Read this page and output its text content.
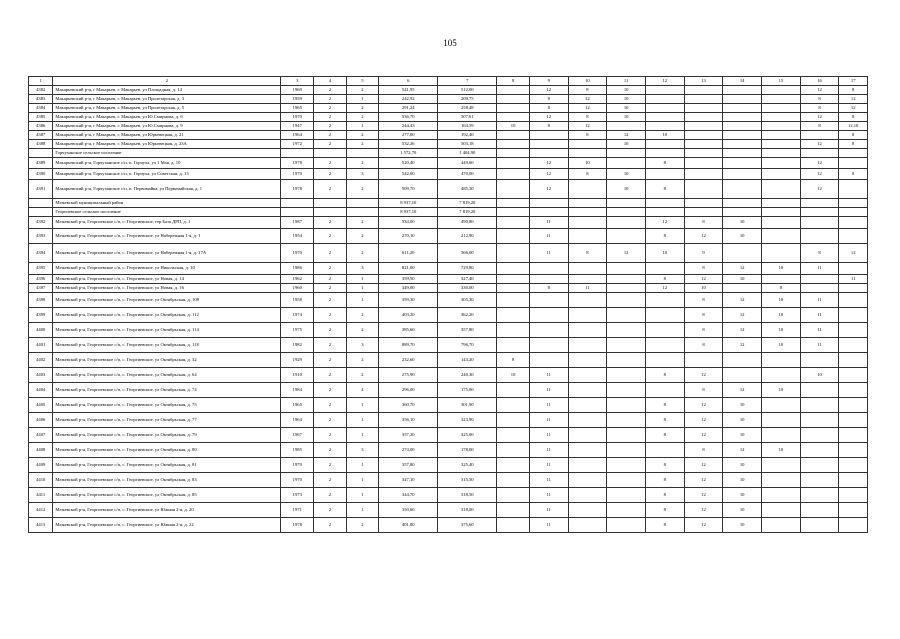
105
1	2	3	4	5	6	7	8	9	10	11	12	13	14	15	16	17
4382	Макарьевский р-н, г Макарьев, г. Макарьев, ул Площадная, д. 14	1969	2	2	541,95	512,00		12	8	10					12	8
4383	Макарьевский р-н, г Макарьев, г. Макарьев, ул Пролетарская, д. 3	1959	2	1	242,92	209,75		8	12	10					8	12
4384	Макарьевский р-н, г Макарьев, г. Макарьев, ул Пролетарская, д. 5	1965	2	2	291,24	258,48		8	12	10					8	12
4385	Макарьевский р-н, г Макарьев, г. Макарьев, ул Ю.Смирнова, д. 6	1970	2	2	536,70	507,61		12	8	10					12	8
4386	Макарьевский р-н, г Макарьев, г. Макарьев, ул Ю.Смирнова, д. 9	1947	2	1	244,43	164,59	10	8	12						8	12,10
4387	Макарьевский р-н, г Макарьев, г. Макарьев, ул Юрьевецкая, д. 21	1964	2	2	277,00	192,40			8	12	10					8
4388	Макарьевский р-н, г Макарьев, г. Макарьев, ул Юрьевецкая, д. 23А	1972	2	2	532,26	503,18				10					12	8
	Горчуханское сельское поселение				1 572,70	1 404,90										
4389	Макарьевский р-н, Горчуханское с/п, п. Горчуха, ул 1 Мая, д. 10	1978	2	2	520,40	449,60		12	10		8				12	
4390	Макарьевский р-н, Горчуханское с/п, п. Горчуха, ул Советская, д. 13	1970	2	3	542,60	470,00		12	8	10					12	8
4391	Макарьевский р-н, Горчуханское с/п, п. Первомайка, ул Первомайская, д. 1	1978	2	2	509,70	485,30		12		10	8				12	
	Межевской муниципальный район				8 937,10	7 819,20										
	Георгиевское сельское поселение				8 937,10	7 819,20										
4392	Межевской р-н, Георгиевское с/п, с. Георгиевское, тер База ДРП, д. 1	1987	2	2	534,00	490,80		11			12	8	10			
4393	Межевской р-н, Георгиевское с/п, с. Георгиевское, ул Набережная 1-я, д. 1	1954	2	2	270,10	212,90		11			8	12	10			
4394	Межевской р-н, Георгиевское с/п, с. Георгиевское, ул Набережная 1-я, д. 17А	1970	2	2	611,20	566,00		11	8	12	10	9			8	12
4395	Межевской р-н, Георгиевское с/п, с. Георгиевское, ул Никольская, д. 10	1986	2	3	821,00	729,80						8	12	10	11	
4396	Межевской р-н, Георгиевское с/п, с. Георгиевское, ул Новая, д. 14	1962	2	1	359,50	327,40					8	12	10			11
4397	Межевской р-н, Георгиевское с/п, с. Георгиевское, ул Новая, д. 16	1960	2	1	349,00	330,00		8	11		12	10		8		
4398	Межевской р-н, Георгиевское с/п, с. Георгиевское, ул Октябрьская, д. 108	1958	2	1	359,30	305,30						8	12	10	11	
4399	Межевской р-н, Георгиевское с/п, с. Георгиевское, ул Октябрьская, д. 112	1974	2	2	403,20	362,20						8	12	10	11	
4400	Межевской р-н, Георгиевское с/п, с. Георгиевское, ул Октябрьская, д. 114	1975	2	2	385,60	357,80						8	12	10	11	
4401	Межевской р-н, Георгиевское с/п, с. Георгиевское, ул Октябрьская, д. 118	1982	2	3	889,70	796,70						8	12	10	11	
4402	Межевской р-н, Георгиевское с/п, с. Георгиевское, ул Октябрьская, д. 32	1929	2	2	232,60	143,20	8									
4403	Межевской р-н, Георгиевское с/п, с. Георгиевское, ул Октябрьская, д. 64	1910	2	2	275,90	240,30	10	11			8	12			10	
4404	Межевской р-н, Георгиевское с/п, с. Георгиевское, ул Октябрьская, д. 74	1984	2	4	296,00	175,00		11				8	12	10		
4405	Межевской р-н, Георгиевское с/п, с. Георгиевское, ул Октябрьская, д. 75	1965	2	1	360,70	301,90		11			8	12	10			
4406	Межевской р-н, Георгиевское с/п, с. Георгиевское, ул Октябрьская, д. 77	1964	2	1	356,10	323,90		11			8	12	10			
4407	Межевской р-н, Георгиевское с/п, с. Георгиевское, ул Октябрьская, д. 79	1967	2	1	357,20	325,00		11			8	12	10			
4408	Межевской р-н, Георгиевское с/п, с. Георгиевское, ул Октябрьская, д. 80	1985	2	3	274,00	178,00		11				8	12	10		
4409	Межевской р-н, Георгиевское с/п, с. Георгиевское, ул Октябрьская, д. 81	1970	2	1	357,80	325,40		11			8	12	10			
4410	Межевской р-н, Георгиевское с/п, с. Георгиевское, ул Октябрьская, д. 83	1970	2	1	347,10	315,50		11			8	12	10			
4411	Межевской р-н, Георгиевское с/п, с. Георгиевское, ул Октябрьская, д. 85	1973	2	1	344,70	318,50		11			8	12	10			
4412	Межевской р-н, Георгиевское с/п, с. Георгиевское, ул Южная 2-я, д. 20	1971	2	1	350,60	318,00		11			8	12	10			
4413	Межевской р-н, Георгиевское с/п, с. Георгиевское, ул Южная 2-я, д. 22	1978	2	2	401,80	375,60		11			8	12	10			
